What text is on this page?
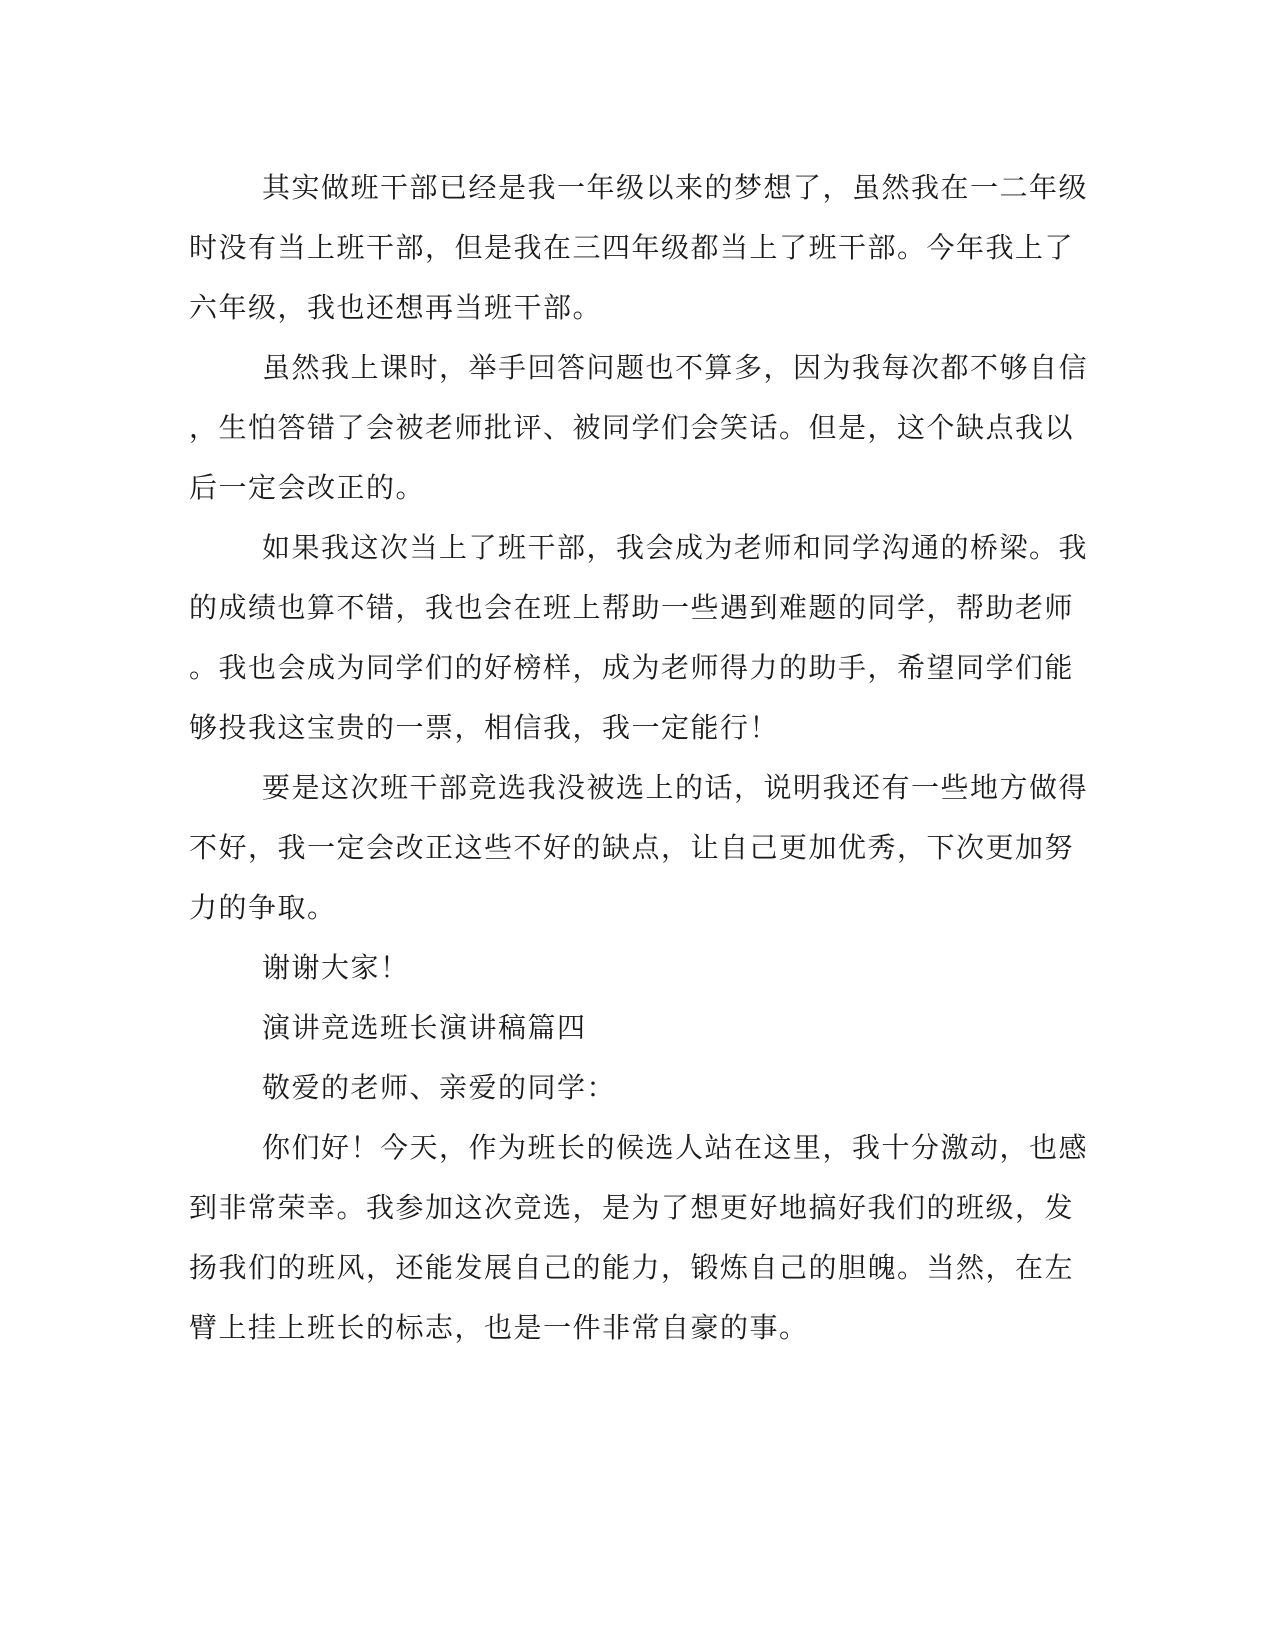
其实做班干部已经是我一年级以来的梦想了，虽然我在一二年级
时没有当上班干部，但是我在三四年级都当上了班干部。今年我上了
六年级，我也还想再当班干部。
虽然我上课时，举手回答问题也不算多，因为我每次都不够自信
，生怕答错了会被老师批评、被同学们会笑话。但是，这个缺点我以
后一定会改正的。
如果我这次当上了班干部，我会成为老师和同学沟通的桥梁。我
的成绩也算不错，我也会在班上帮助一些遇到难题的同学，帮助老师
。我也会成为同学们的好榜样，成为老师得力的助手，希望同学们能
够投我这宝贵的一票，相信我，我一定能行！
要是这次班干部竞选我没被选上的话，说明我还有一些地方做得
不好，我一定会改正这些不好的缺点，让自己更加优秀，下次更加努
力的争取。
谢谢大家！
演讲竞选班长演讲稿篇四
敬爱的老师、亲爱的同学：
你们好！今天，作为班长的候选人站在这里，我十分激动，也感
到非常荣幸。我参加这次竞选，是为了想更好地搞好我们的班级，发
扬我们的班风，还能发展自己的能力，锻炼自己的胆魄。当然，在左
臂上挂上班长的标志，也是一件非常自豪的事。
